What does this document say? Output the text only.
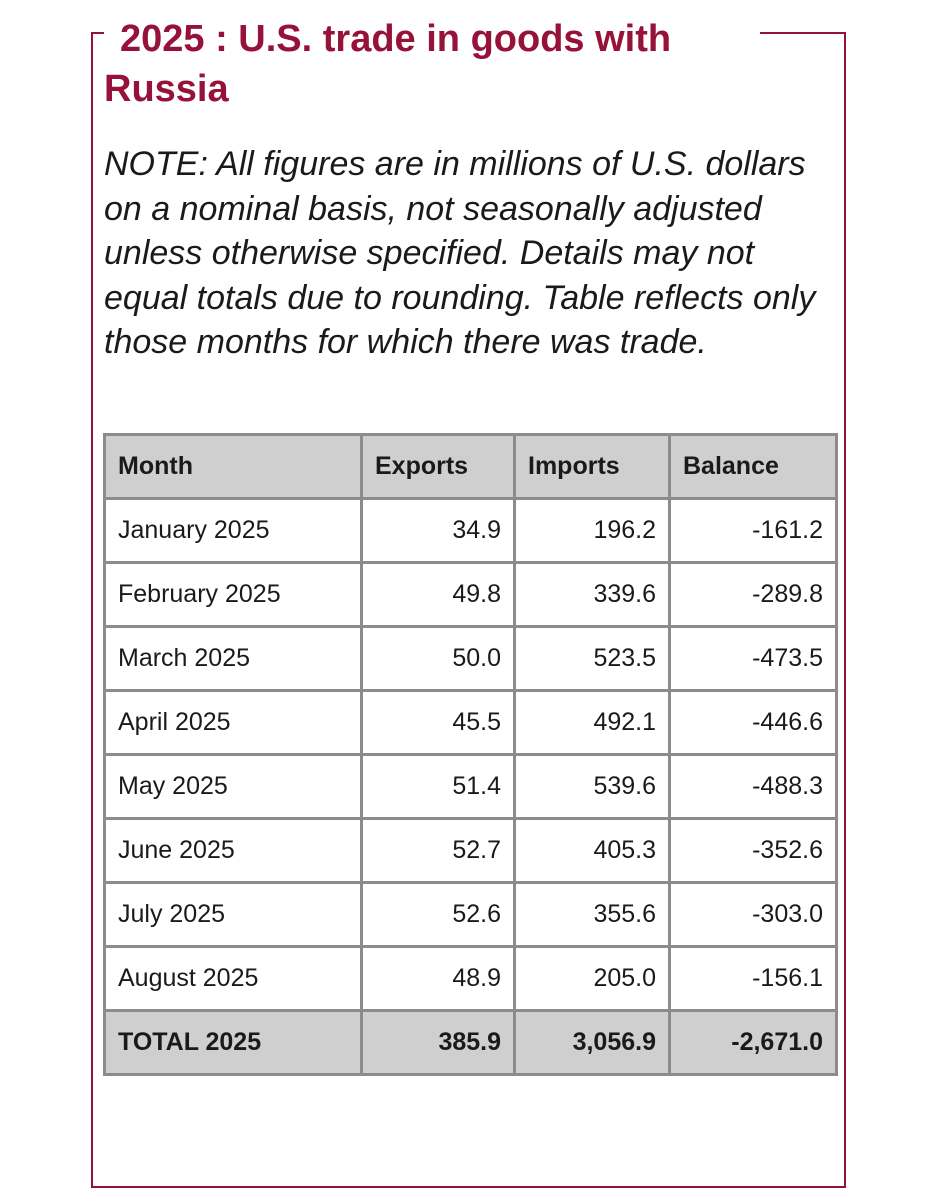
2025 : U.S. trade in goods with
Russia

NOTE: All figures are in millions of U.S. dollars on a nominal basis, not seasonally adjusted unless otherwise specified. Details may not equal totals due to rounding. Table reflects only those months for which there was trade.

Month	Exports	Imports	Balance
January 2025	34.9	196.2	-161.2
February 2025	49.8	339.6	-289.8
March 2025	50.0	523.5	-473.5
April 2025	45.5	492.1	-446.6
May 2025	51.4	539.6	-488.3
June 2025	52.7	405.3	-352.6
July 2025	52.6	355.6	-303.0
August 2025	48.9	205.0	-156.1
TOTAL 2025	385.9	3,056.9	-2,671.0
